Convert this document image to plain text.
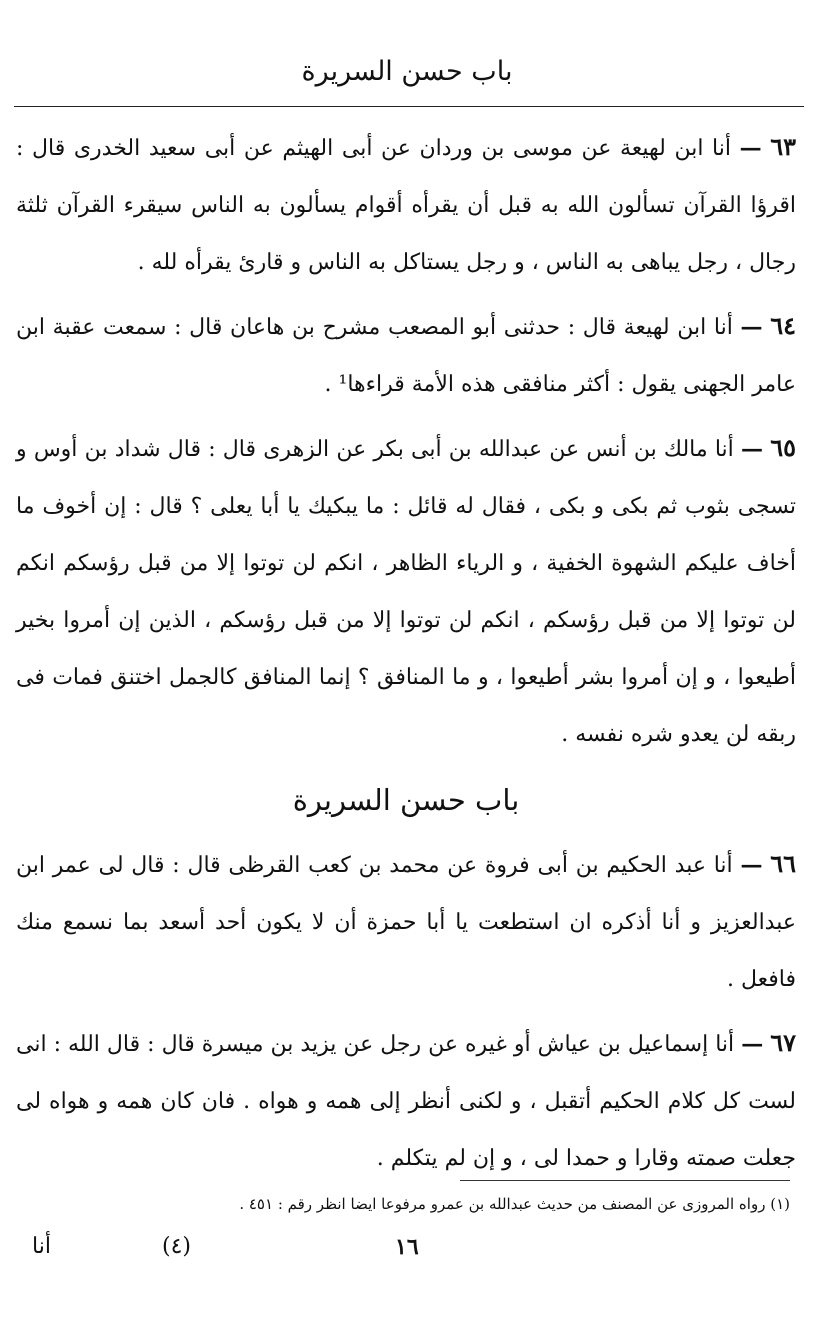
باب حسن السريرة

٦٣ — أنا ابن لهيعة عن موسى بن وردان عن أبى الهيثم عن أبى سعيد الخدرى قال : اقرؤا القرآن تسألون الله به قبل أن يقرأه أقوام يسألون به الناس سيقرء القرآن ثلثة رجال ، رجل يباهى به الناس ، و رجل يستاكل به الناس و قارئ يقرأه لله .

٦٤ — أنا ابن لهيعة قال : حدثنى أبو المصعب مشرح بن هاعان قال : سمعت عقبة ابن عامر الجهنى يقول : أكثر منافقى هذه الأمة قراءها¹ .

٦٥ — أنا مالك بن أنس عن عبدالله بن أبى بكر عن الزهرى قال : قال شداد بن أوس و تسجى بثوب ثم بكى و بكى ، فقال له قائل : ما يبكيك يا أبا يعلى ؟ قال : إن أخوف ما أخاف عليكم الشهوة الخفية ، و الرياء الظاهر ، انكم لن توتوا إلا من قبل رؤسكم انكم لن توتوا إلا من قبل رؤسكم ، انكم لن توتوا إلا من قبل رؤسكم ، الذين إن أمروا بخير أطيعوا ، و إن أمروا بشر أطيعوا ، و ما المنافق ؟ إنما المنافق كالجمل اختنق فمات فى ربقه لن يعدو شره نفسه .

باب حسن السريرة

٦٦ — أنا عبد الحكيم بن أبى فروة عن محمد بن كعب القرظى قال : قال لى عمر ابن عبدالعزيز و أنا أذكره ان استطعت يا أبا حمزة أن لا يكون أحد أسعد بما نسمع منك فافعل .

٦٧ — أنا إسماعيل بن عياش أو غيره عن رجل عن يزيد بن ميسرة قال : قال الله : انى لست كل كلام الحكيم أتقبل ، و لكنى أنظر إلى همه و هواه . فان كان همه و هواه لى جعلت صمته وقارا و حمدا لى ، و إن لم يتكلم .

(١) رواه المروزى عن المصنف من حديث عبدالله بن عمرو مرفوعا ايضا انظر رقم : ٤٥١ .
١٦
(٤)
أنا
